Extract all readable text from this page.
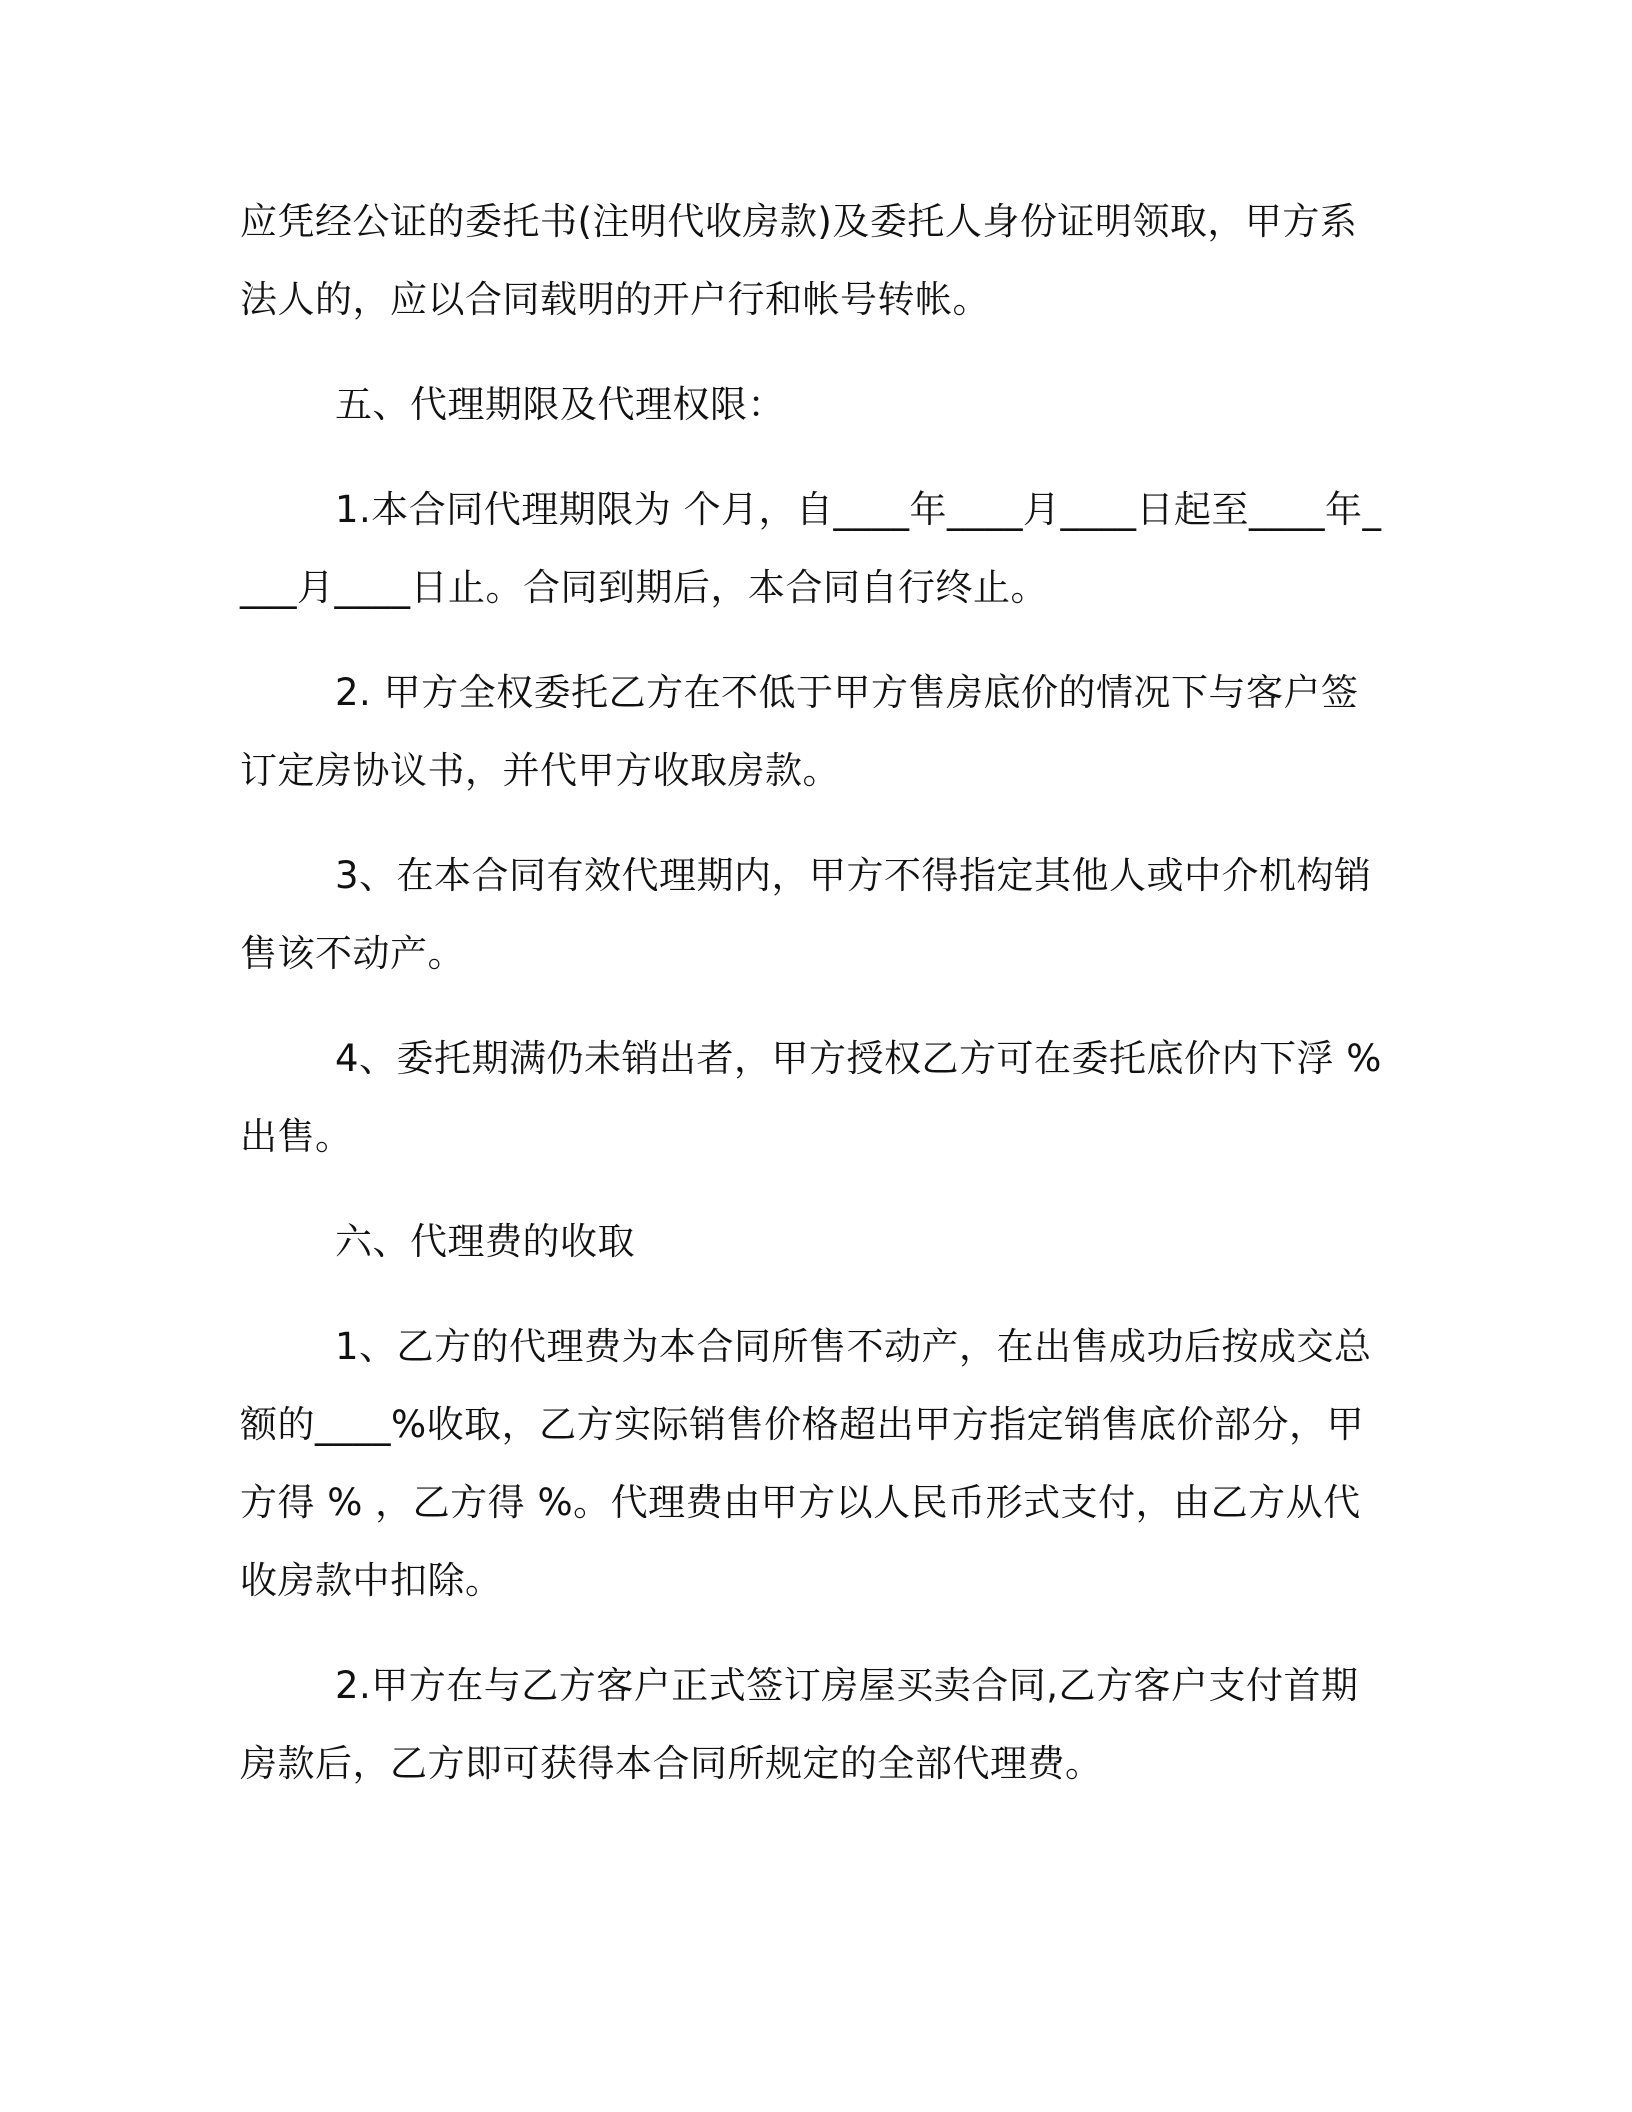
应凭经公证的委托书(注明代收房款)及委托人身份证明领取，甲方系法人的，应以合同载明的开户行和帐号转帐。

五、代理期限及代理权限：

1.本合同代理期限为 个月，自____年____月____日起至____年____月____日止。合同到期后，本合同自行终止。

2. 甲方全权委托乙方在不低于甲方售房底价的情况下与客户签订定房协议书，并代甲方收取房款。

3、在本合同有效代理期内，甲方不得指定其他人或中介机构销售该不动产。

4、委托期满仍未销出者，甲方授权乙方可在委托底价内下浮 % 出售。

六、代理费的收取

1、乙方的代理费为本合同所售不动产，在出售成功后按成交总额的____%收取，乙方实际销售价格超出甲方指定销售底价部分，甲方得 % ，乙方得 %。代理费由甲方以人民币形式支付，由乙方从代收房款中扣除。

2.甲方在与乙方客户正式签订房屋买卖合同,乙方客户支付首期房款后，乙方即可获得本合同所规定的全部代理费。
